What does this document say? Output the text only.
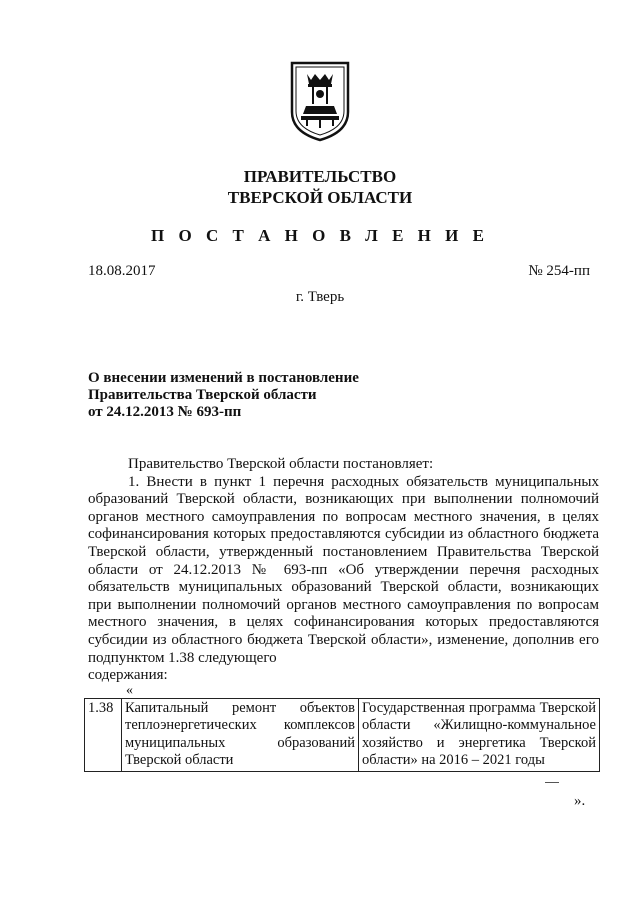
ПРАВИТЕЛЬСТВО
ТВЕРСКОЙ ОБЛАСТИ
П О С Т А Н О В Л Е Н И Е
18.08.2017	№ 254-пп
г. Тверь
О внесении изменений в постановление
Правительства Тверской области
от 24.12.2013 № 693-пп

Правительство Тверской области постановляет:

1. Внести в пункт 1 перечня расходных обязательств муниципальных образований Тверской области, возникающих при выполнении полномочий органов местного самоуправления по вопросам местного значения, в целях софинансирования которых предоставляются субсидии из областного бюджета Тверской области, утвержденный постановлением Правительства Тверской области от 24.12.2013 № 693-пп «Об утверждении перечня расходных обязательств муниципальных образований Тверской области, возникающих при выполнении полномочий органов местного самоуправления по вопросам местного значения, в целях софинансирования которых предоставляются субсидии из областного бюджета Тверской области», изменение, дополнив его подпунктом 1.38 следующего

содержания:

«
1.38	Капитальный ремонт объектов теплоэнергетических комплексов муниципальных образований Тверской области	Государственная программа Тверской области «Жилищно-коммунальное хозяйство и энергетика Тверской области» на 2016 – 2021 годы
».
